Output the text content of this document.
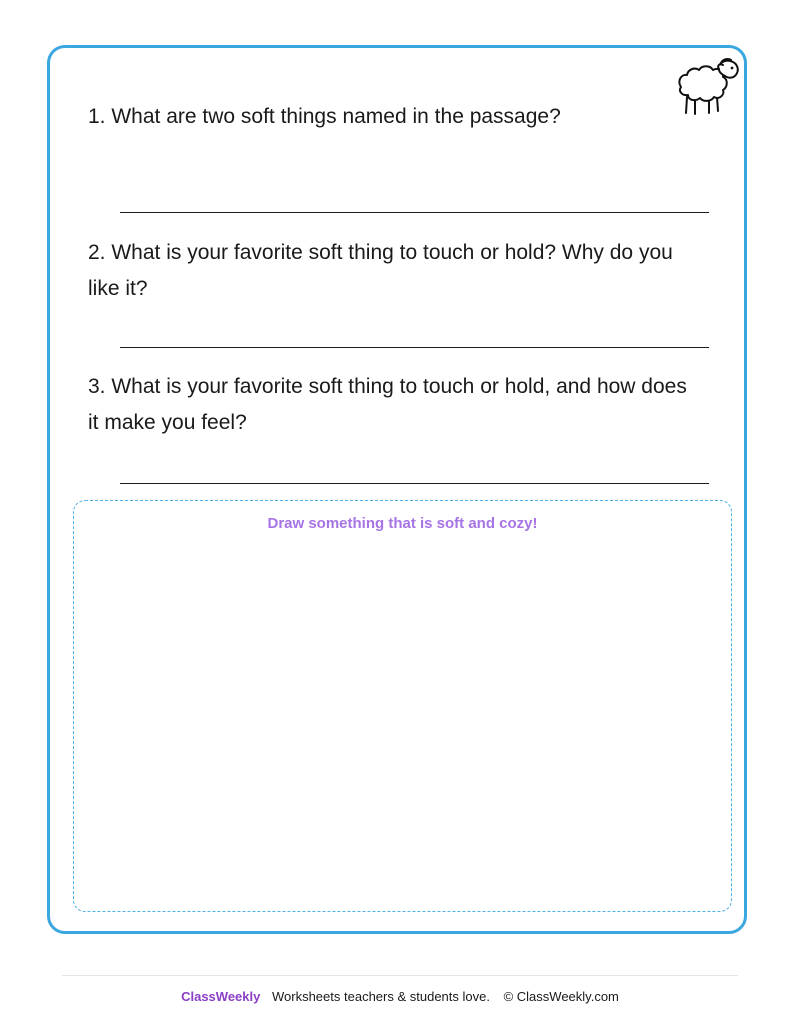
1. What are two soft things named in the passage?

2. What is your favorite soft thing to touch or hold? Why do you like it?

3. What is your favorite soft thing to touch or hold, and how does it make you feel?

Draw something that is soft and cozy!
ClassWeekly Worksheets teachers & students love. © ClassWeekly.com
